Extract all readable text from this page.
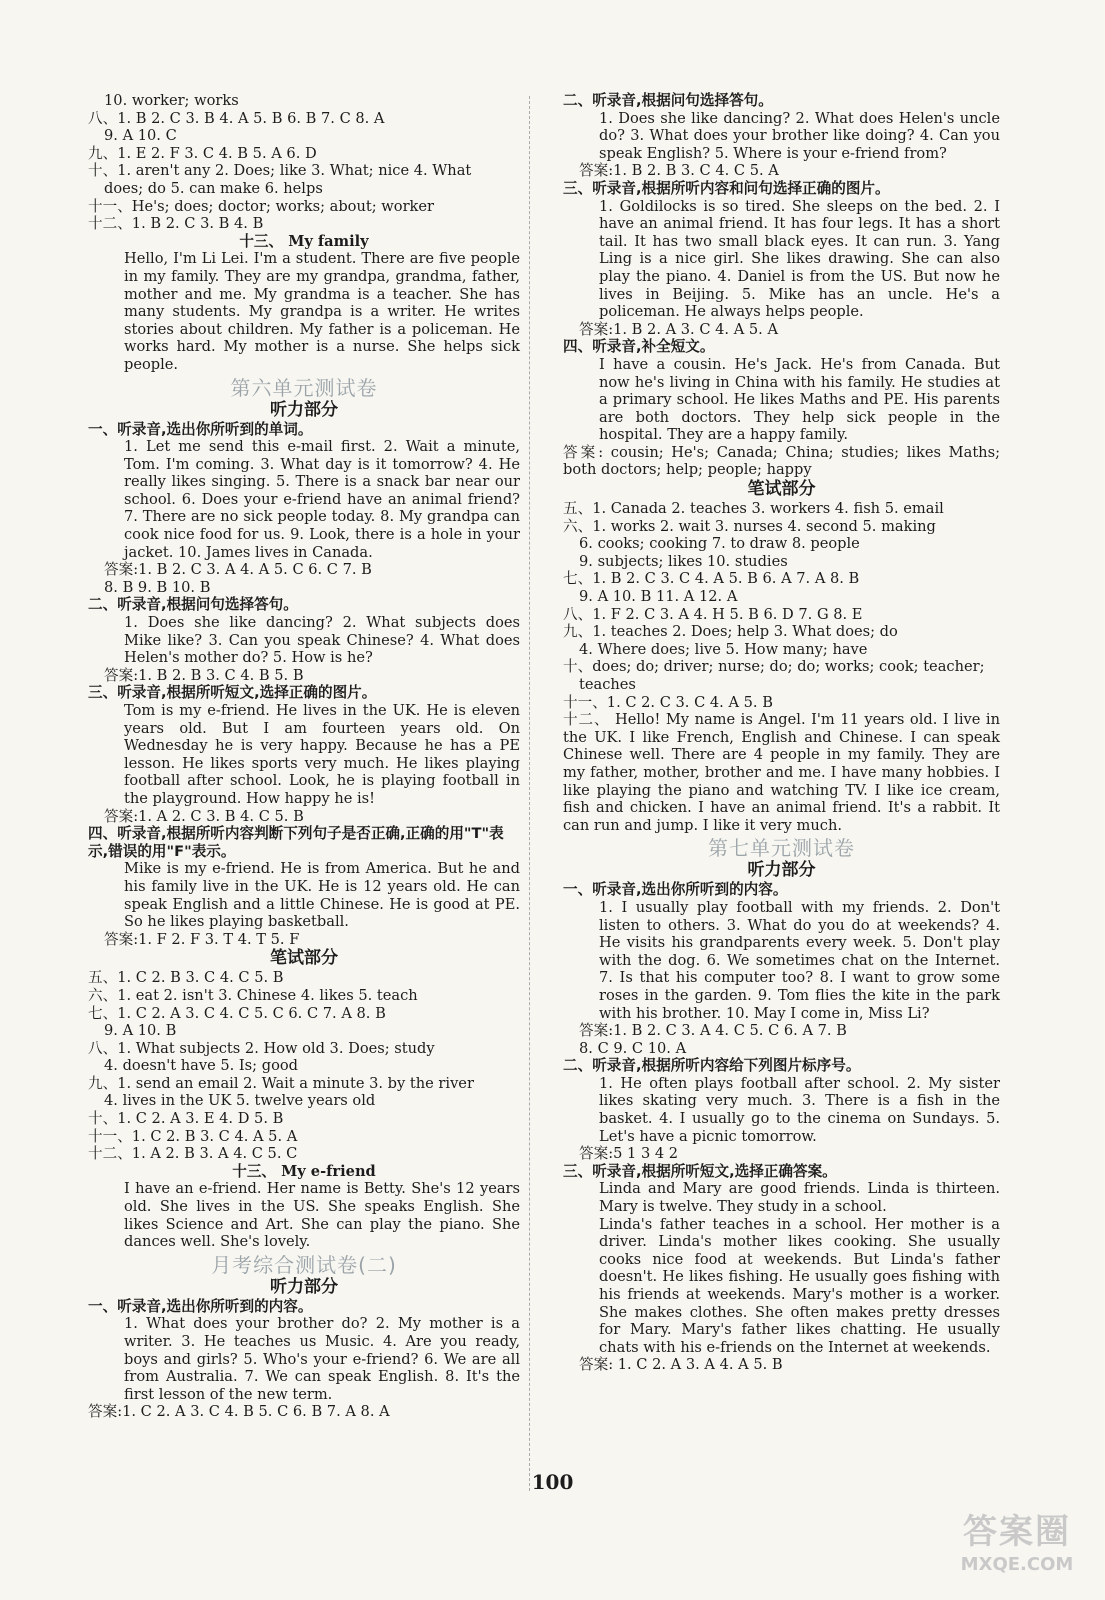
10. worker; works
八、1. B 2. C 3. B 4. A 5. B 6. B 7. C 8. A
9. A 10. C
九、1. E 2. F 3. C 4. B 5. A 6. D
十、1. aren't any 2. Does; like 3. What; nice 4. What
does; do 5. can make 6. helps
十一、He's; does; doctor; works; about; worker
十二、1. B 2. C 3. B 4. B
十三、 My family
Hello, I'm Li Lei. I'm a student. There are five people in my family. They are my grandpa, grandma, father, mother and me. My grandma is a teacher. She has many students. My grandpa is a writer. He writes stories about children. My father is a policeman. He works hard. My mother is a nurse. She helps sick people.
第六单元测试卷
听力部分
一、听录音,选出你所听到的单词。
1. Let me send this e-mail first. 2. Wait a minute, Tom. I'm coming. 3. What day is it tomorrow? 4. He really likes singing. 5. There is a snack bar near our school. 6. Does your e-friend have an animal friend? 7. There are no sick people today. 8. My grandpa can cook nice food for us. 9. Look, there is a hole in your jacket. 10. James lives in Canada.
答案:1. B 2. C 3. A 4. A 5. C 6. C 7. B
8. B 9. B 10. B
二、听录音,根据问句选择答句。
1. Does she like dancing? 2. What subjects does Mike like? 3. Can you speak Chinese? 4. What does Helen's mother do? 5. How is he?
答案:1. B 2. B 3. C 4. B 5. B
三、听录音,根据所听短文,选择正确的图片。
Tom is my e-friend. He lives in the UK. He is eleven years old. But I am fourteen years old. On Wednesday he is very happy. Because he has a PE lesson. He likes sports very much. He likes playing football after school. Look, he is playing football in the playground. How happy he is!
答案:1. A 2. C 3. B 4. C 5. B
四、听录音,根据所听内容判断下列句子是否正确,正确的用"T"表示,错误的用"F"表示。
Mike is my e-friend. He is from America. But he and his family live in the UK. He is 12 years old. He can speak English and a little Chinese. He is good at PE. So he likes playing basketball.
答案:1. F 2. F 3. T 4. T 5. F
笔试部分
五、1. C 2. B 3. C 4. C 5. B
六、1. eat 2. isn't 3. Chinese 4. likes 5. teach
七、1. C 2. A 3. C 4. C 5. C 6. C 7. A 8. B
9. A 10. B
八、1. What subjects 2. How old 3. Does; study
4. doesn't have 5. Is; good
九、1. send an email 2. Wait a minute 3. by the river
4. lives in the UK 5. twelve years old
十、1. C 2. A 3. E 4. D 5. B
十一、1. C 2. B 3. C 4. A 5. A
十二、1. A 2. B 3. A 4. C 5. C
十三、 My e-friend
I have an e-friend. Her name is Betty. She's 12 years old. She lives in the US. She speaks English. She likes Science and Art. She can play the piano. She dances well. She's lovely.
月考综合测试卷(二)
听力部分
一、听录音,选出你所听到的内容。
1. What does your brother do? 2. My mother is a writer. 3. He teaches us Music. 4. Are you ready, boys and girls? 5. Who's your e-friend? 6. We are all from Australia. 7. We can speak English. 8. It's the first lesson of the new term.
答案:1. C 2. A 3. C 4. B 5. C 6. B 7. A 8. A
二、听录音,根据问句选择答句。
1. Does she like dancing? 2. What does Helen's uncle do? 3. What does your brother like doing? 4. Can you speak English? 5. Where is your e-friend from?
答案:1. B 2. B 3. C 4. C 5. A
三、听录音,根据所听内容和问句选择正确的图片。
1. Goldilocks is so tired. She sleeps on the bed. 2. I have an animal friend. It has four legs. It has a short tail. It has two small black eyes. It can run. 3. Yang Ling is a nice girl. She likes drawing. She can also play the piano. 4. Daniel is from the US. But now he lives in Beijing. 5. Mike has an uncle. He's a policeman. He always helps people.
答案:1. B 2. A 3. C 4. A 5. A
四、听录音,补全短文。
I have a cousin. He's Jack. He's from Canada. But now he's living in China with his family. He studies at a primary school. He likes Maths and PE. His parents are both doctors. They help sick people in the hospital. They are a happy family.
答案: cousin; He's; Canada; China; studies; likes Maths; both doctors; help; people; happy
笔试部分
五、1. Canada 2. teaches 3. workers 4. fish 5. email
六、1. works 2. wait 3. nurses 4. second 5. making
6. cooks; cooking 7. to draw 8. people
9. subjects; likes 10. studies
七、1. B 2. C 3. C 4. A 5. B 6. A 7. A 8. B
9. A 10. B 11. A 12. A
八、1. F 2. C 3. A 4. H 5. B 6. D 7. G 8. E
九、1. teaches 2. Does; help 3. What does; do
4. Where does; live 5. How many; have
十、does; do; driver; nurse; do; do; works; cook; teacher;
teaches
十一、1. C 2. C 3. C 4. A 5. B
十二、 Hello! My name is Angel. I'm 11 years old. I live in the UK. I like French, English and Chinese. I can speak Chinese well. There are 4 people in my family. They are my father, mother, brother and me. I have many hobbies. I like playing the piano and watching TV. I like ice cream, fish and chicken. I have an animal friend. It's a rabbit. It can run and jump. I like it very much.
第七单元测试卷
听力部分
一、听录音,选出你所听到的内容。
1. I usually play football with my friends. 2. Don't listen to others. 3. What do you do at weekends? 4. He visits his grandparents every week. 5. Don't play with the dog. 6. We sometimes chat on the Internet. 7. Is that his computer too? 8. I want to grow some roses in the garden. 9. Tom flies the kite in the park with his brother. 10. May I come in, Miss Li?
答案:1. B 2. C 3. A 4. C 5. C 6. A 7. B
8. C 9. C 10. A
二、听录音,根据所听内容给下列图片标序号。
1. He often plays football after school. 2. My sister likes skating very much. 3. There is a fish in the basket. 4. I usually go to the cinema on Sundays. 5. Let's have a picnic tomorrow.
答案:5 1 3 4 2
三、听录音,根据所听短文,选择正确答案。
Linda and Mary are good friends. Linda is thirteen. Mary is twelve. They study in a school.
Linda's father teaches in a school. Her mother is a driver. Linda's mother likes cooking. She usually cooks nice food at weekends. But Linda's father doesn't. He likes fishing. He usually goes fishing with his friends at weekends. Mary's mother is a worker. She makes clothes. She often makes pretty dresses for Mary. Mary's father likes chatting. He usually chats with his e-friends on the Internet at weekends.
答案: 1. C 2. A 3. A 4. A 5. B
100
答案圈
MXQE.COM
